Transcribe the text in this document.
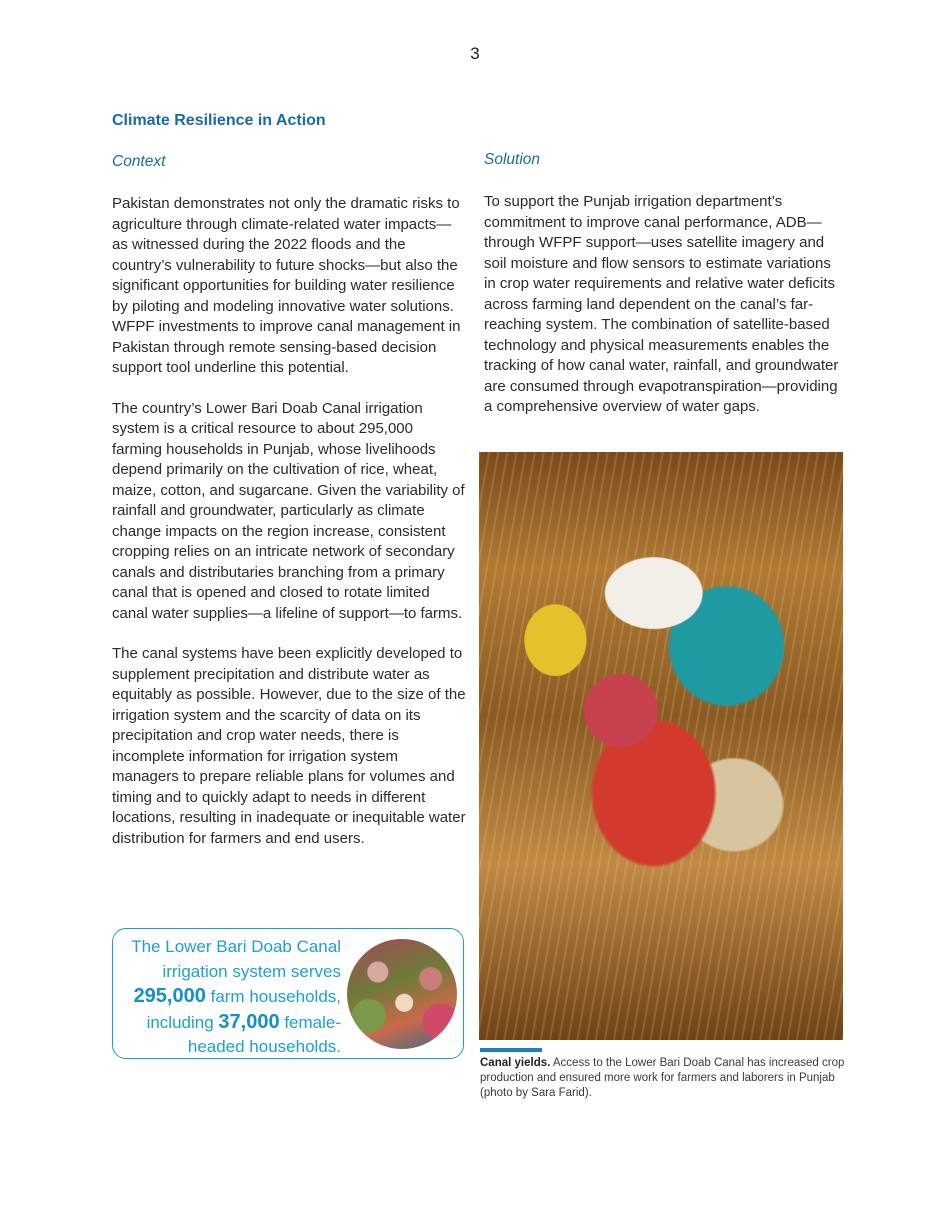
3
Climate Resilience in Action
Context

Pakistan demonstrates not only the dramatic risks to agriculture through climate-related water impacts—as witnessed during the 2022 floods and the country’s vulnerability to future shocks—but also the significant opportunities for building water resilience by piloting and modeling innovative water solutions. WFPF investments to improve canal management in Pakistan through remote sensing-based decision support tool underline this potential.

The country’s Lower Bari Doab Canal irrigation system is a critical resource to about 295,000 farming households in Punjab, whose livelihoods depend primarily on the cultivation of rice, wheat, maize, cotton, and sugarcane. Given the variability of rainfall and groundwater, particularly as climate change impacts on the region increase, consistent cropping relies on an intricate network of secondary canals and distributaries branching from a primary canal that is opened and closed to rotate limited canal water supplies—a lifeline of support—to farms.

The canal systems have been explicitly developed to supplement precipitation and distribute water as equitably as possible. However, due to the size of the irrigation system and the scarcity of data on its precipitation and crop water needs, there is incomplete information for irrigation system managers to prepare reliable plans for volumes and timing and to quickly adapt to needs in different locations, resulting in inadequate or inequitable water distribution for farmers and end users.

Solution

To support the Punjab irrigation department’s commitment to improve canal performance, ADB—through WFPF support—uses satellite imagery and soil moisture and flow sensors to estimate variations in crop water requirements and relative water deficits across farming land dependent on the canal’s far-reaching system. The combination of satellite-based technology and physical measurements enables the tracking of how canal water, rainfall, and groundwater are consumed through evapotranspiration—providing a comprehensive overview of water gaps.

The Lower Bari Doab Canal irrigation system serves 295,000 farm households, including 37,000 female-headed households.
Canal yields. Access to the Lower Bari Doab Canal has increased crop production and ensured more work for farmers and laborers in Punjab (photo by Sara Farid).
